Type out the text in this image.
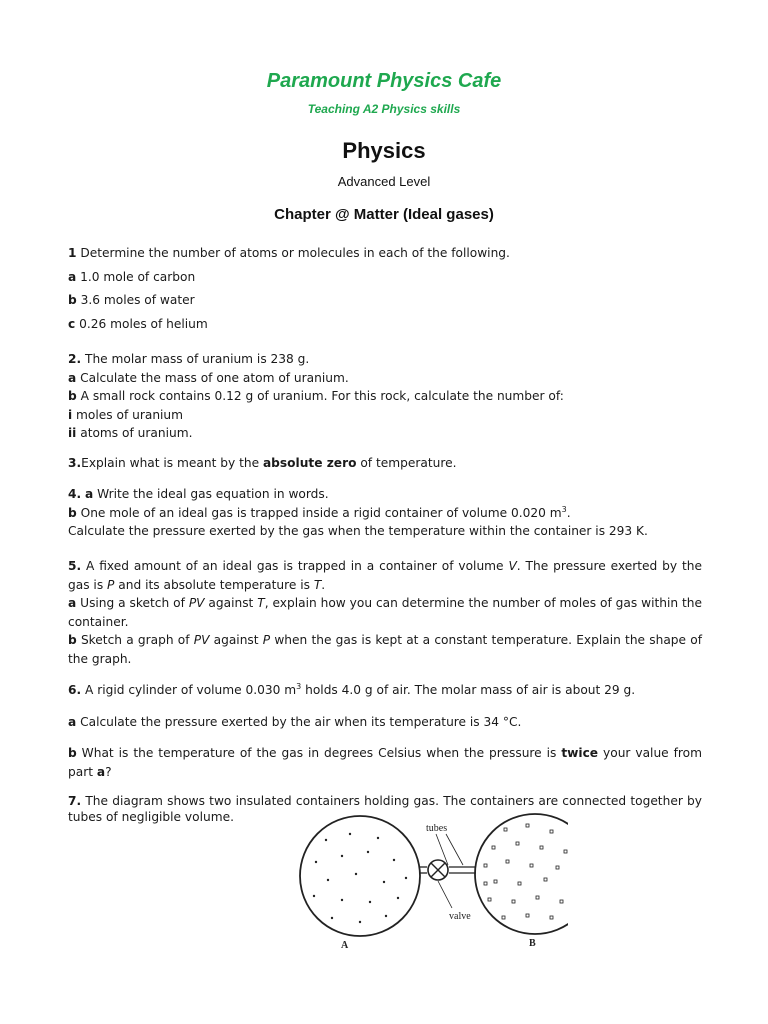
Paramount Physics Cafe
Teaching A2 Physics skills
Physics
Advanced Level
Chapter @ Matter (Ideal gases)
1 Determine the number of atoms or molecules in each of the following.
a 1.0 mole of carbon
b 3.6 moles of water
c 0.26 moles of helium
2. The molar mass of uranium is 238 g.
a Calculate the mass of one atom of uranium.
b A small rock contains 0.12 g of uranium. For this rock, calculate the number of:
i moles of uranium
ii atoms of uranium.
3.Explain what is meant by the absolute zero of temperature.
4. a Write the ideal gas equation in words.
b One mole of an ideal gas is trapped inside a rigid container of volume 0.020 $m^3$.
Calculate the pressure exerted by the gas when the temperature within the container is 293 K.
5. A fixed amount of an ideal gas is trapped in a container of volume V. The pressure exerted by the gas is P and its absolute temperature is T.
a Using a sketch of PV against T, explain how you can determine the number of moles of gas within the container.
b Sketch a graph of PV against P when the gas is kept at a constant temperature. Explain the shape of the graph.
6. A rigid cylinder of volume 0.030 $m^3$ holds 4.0 g of air. The molar mass of air is about 29 g.
a Calculate the pressure exerted by the air when its temperature is 34 °C.
b What is the temperature of the gas in degrees Celsius when the pressure is twice your value from part a?
7. The diagram shows two insulated containers holding gas. The containers are connected together by tubes of negligible volume.
tubes
valve
A	B
